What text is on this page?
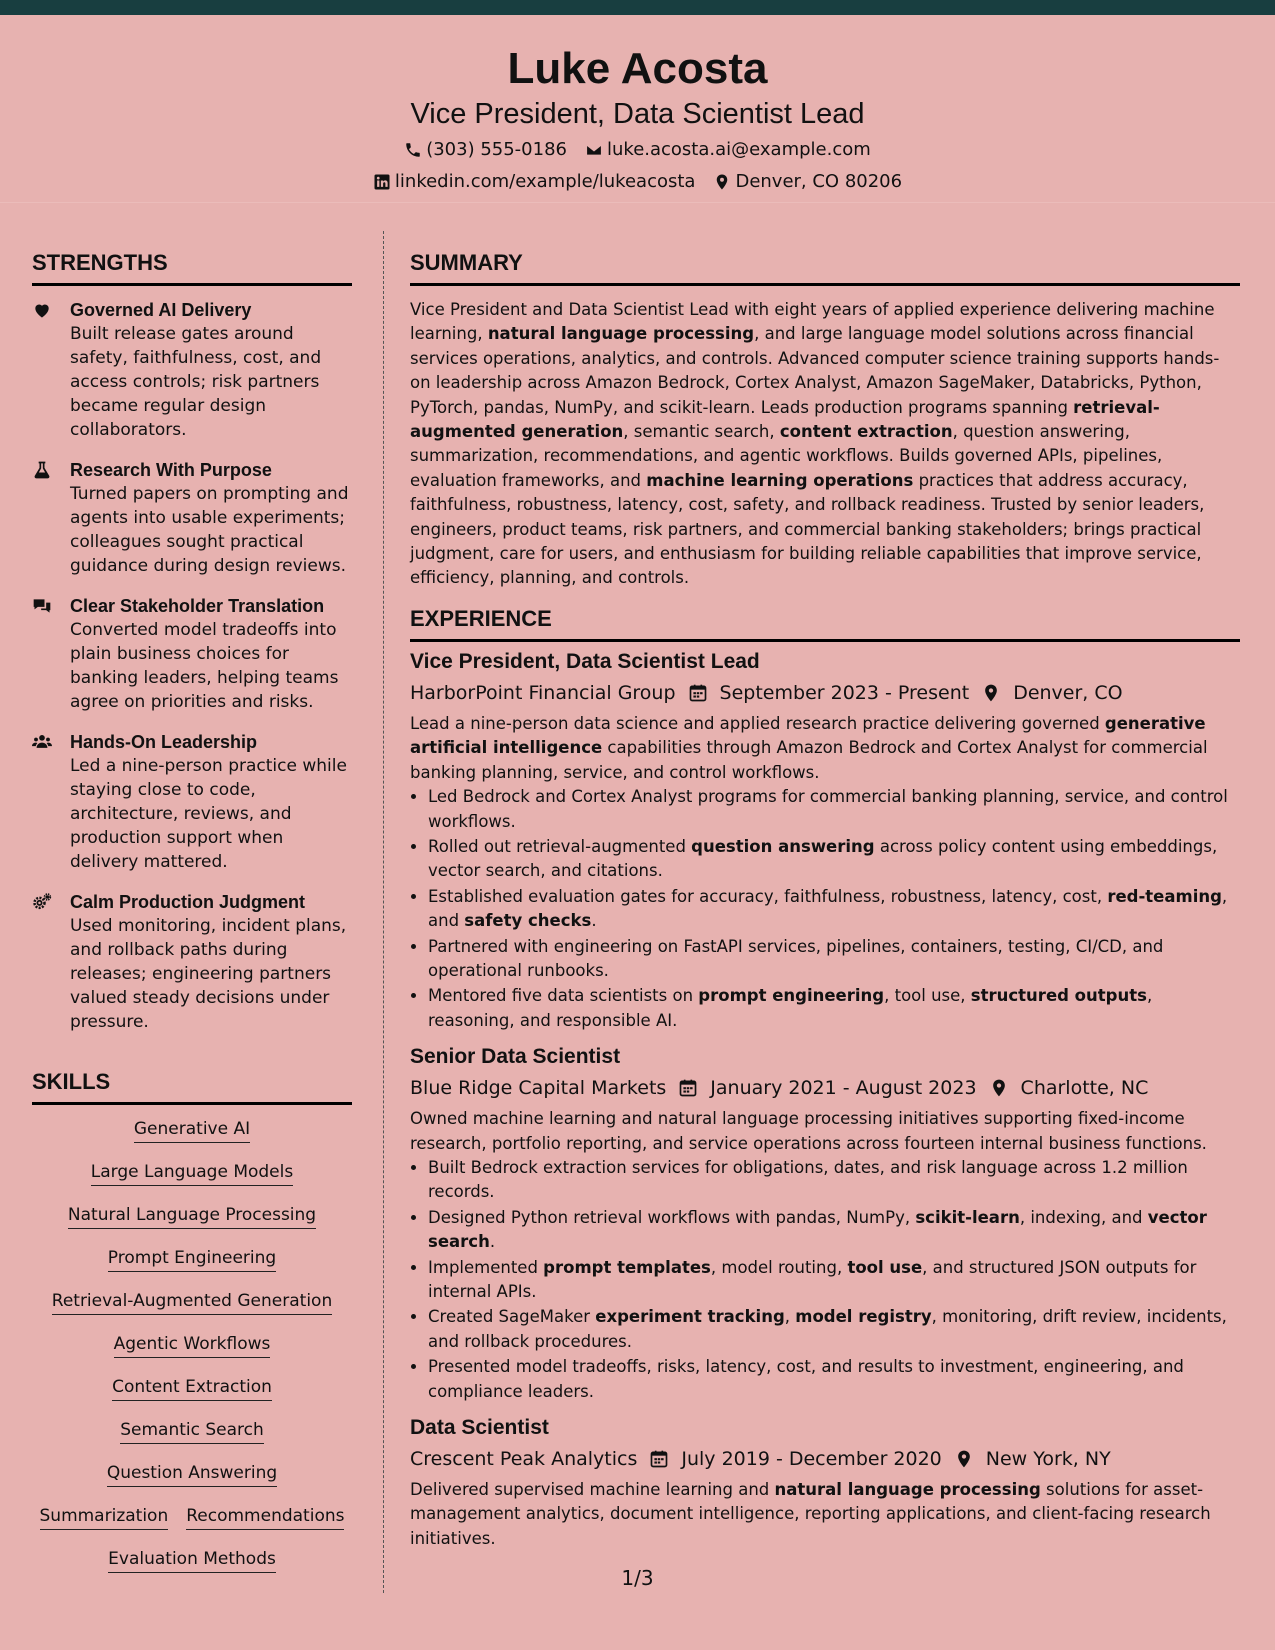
Luke Acosta
Vice President, Data Scientist Lead
(303) 555-0186 luke.acosta.ai@example.com
linkedin.com/example/lukeacosta Denver, CO 80206
STRENGTHS
Governed AI Delivery
Built release gates around safety, faithfulness, cost, and access controls; risk partners became regular design collaborators.
Research With Purpose
Turned papers on prompting and agents into usable experiments; colleagues sought practical guidance during design reviews.
Clear Stakeholder Translation
Converted model tradeoffs into plain business choices for banking leaders, helping teams agree on priorities and risks.
Hands-On Leadership
Led a nine-person practice while staying close to code, architecture, reviews, and production support when delivery mattered.
Calm Production Judgment
Used monitoring, incident plans, and rollback paths during releases; engineering partners valued steady decisions under pressure.
SKILLS
Generative AI
Large Language Models
Natural Language Processing
Prompt Engineering
Retrieval-Augmented Generation
Agentic Workflows
Content Extraction
Semantic Search
Question Answering
Summarization Recommendations
Evaluation Methods
SUMMARY
Vice President and Data Scientist Lead with eight years of applied experience delivering machine learning, natural language processing, and large language model solutions across financial services operations, analytics, and controls. Advanced computer science training supports hands-on leadership across Amazon Bedrock, Cortex Analyst, Amazon SageMaker, Databricks, Python, PyTorch, pandas, NumPy, and scikit-learn. Leads production programs spanning retrieval-augmented generation, semantic search, content extraction, question answering, summarization, recommendations, and agentic workflows. Builds governed APIs, pipelines, evaluation frameworks, and machine learning operations practices that address accuracy, faithfulness, robustness, latency, cost, safety, and rollback readiness. Trusted by senior leaders, engineers, product teams, risk partners, and commercial banking stakeholders; brings practical judgment, care for users, and enthusiasm for building reliable capabilities that improve service, efficiency, planning, and controls.
EXPERIENCE
Vice President, Data Scientist Lead
HarborPoint Financial Group September 2023 - Present Denver, CO
Lead a nine-person data science and applied research practice delivering governed generative artificial intelligence capabilities through Amazon Bedrock and Cortex Analyst for commercial banking planning, service, and control workflows.
• Led Bedrock and Cortex Analyst programs for commercial banking planning, service, and control workflows.
• Rolled out retrieval-augmented question answering across policy content using embeddings, vector search, and citations.
• Established evaluation gates for accuracy, faithfulness, robustness, latency, cost, red-teaming, and safety checks.
• Partnered with engineering on FastAPI services, pipelines, containers, testing, CI/CD, and operational runbooks.
• Mentored five data scientists on prompt engineering, tool use, structured outputs, reasoning, and responsible AI.
Senior Data Scientist
Blue Ridge Capital Markets January 2021 - August 2023 Charlotte, NC
Owned machine learning and natural language processing initiatives supporting fixed-income research, portfolio reporting, and service operations across fourteen internal business functions.
• Built Bedrock extraction services for obligations, dates, and risk language across 1.2 million records.
• Designed Python retrieval workflows with pandas, NumPy, scikit-learn, indexing, and vector search.
• Implemented prompt templates, model routing, tool use, and structured JSON outputs for internal APIs.
• Created SageMaker experiment tracking, model registry, monitoring, drift review, incidents, and rollback procedures.
• Presented model tradeoffs, risks, latency, cost, and results to investment, engineering, and compliance leaders.
Data Scientist
Crescent Peak Analytics July 2019 - December 2020 New York, NY
Delivered supervised machine learning and natural language processing solutions for asset-management analytics, document intelligence, reporting applications, and client-facing research initiatives.
1/3
